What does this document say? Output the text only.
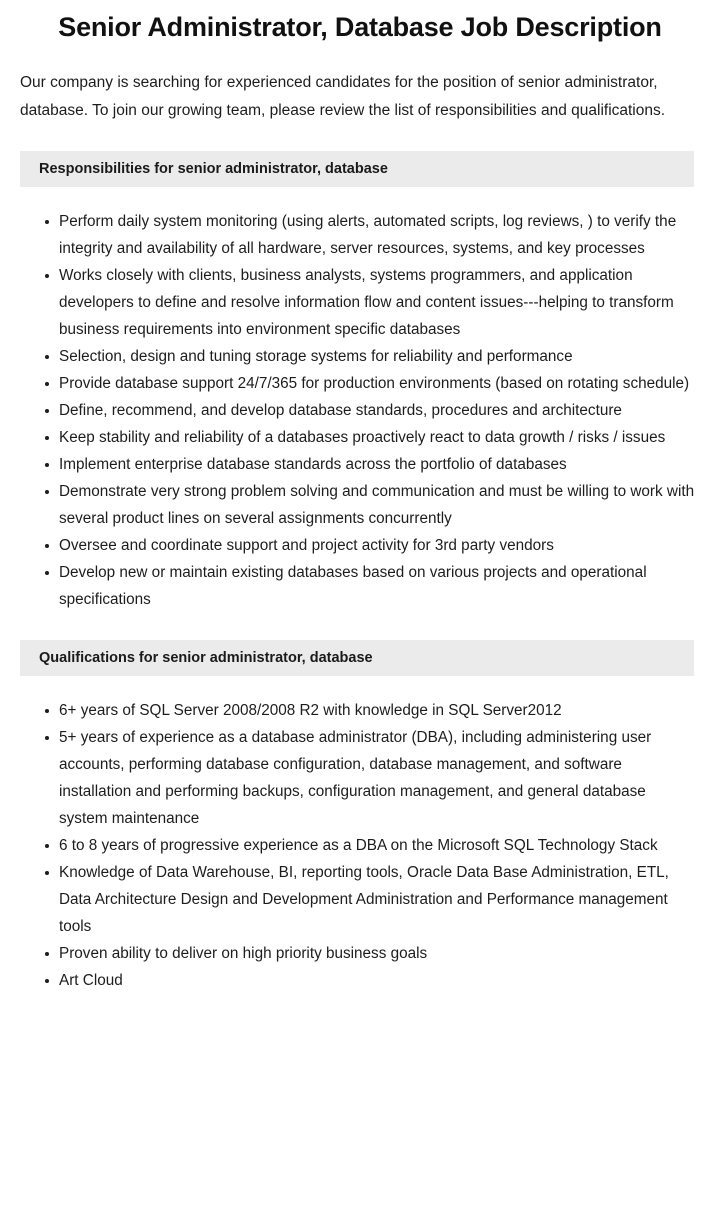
Senior Administrator, Database Job Description

Our company is searching for experienced candidates for the position of senior administrator, database. To join our growing team, please review the list of responsibilities and qualifications.

Responsibilities for senior administrator, database
Perform daily system monitoring (using alerts, automated scripts, log reviews, ) to verify the integrity and availability of all hardware, server resources, systems, and key processes
Works closely with clients, business analysts, systems programmers, and application developers to define and resolve information flow and content issues---helping to transform business requirements into environment specific databases
Selection, design and tuning storage systems for reliability and performance
Provide database support 24/7/365 for production environments (based on rotating schedule)
Define, recommend, and develop database standards, procedures and architecture
Keep stability and reliability of a databases proactively react to data growth / risks / issues
Implement enterprise database standards across the portfolio of databases
Demonstrate very strong problem solving and communication and must be willing to work with several product lines on several assignments concurrently
Oversee and coordinate support and project activity for 3rd party vendors
Develop new or maintain existing databases based on various projects and operational specifications
Qualifications for senior administrator, database
6+ years of SQL Server 2008/2008 R2 with knowledge in SQL Server2012
5+ years of experience as a database administrator (DBA), including administering user accounts, performing database configuration, database management, and software installation and performing backups, configuration management, and general database system maintenance
6 to 8 years of progressive experience as a DBA on the Microsoft SQL Technology Stack
Knowledge of Data Warehouse, BI, reporting tools, Oracle Data Base Administration, ETL, Data Architecture Design and Development Administration and Performance management tools
Proven ability to deliver on high priority business goals
Art Cloud
